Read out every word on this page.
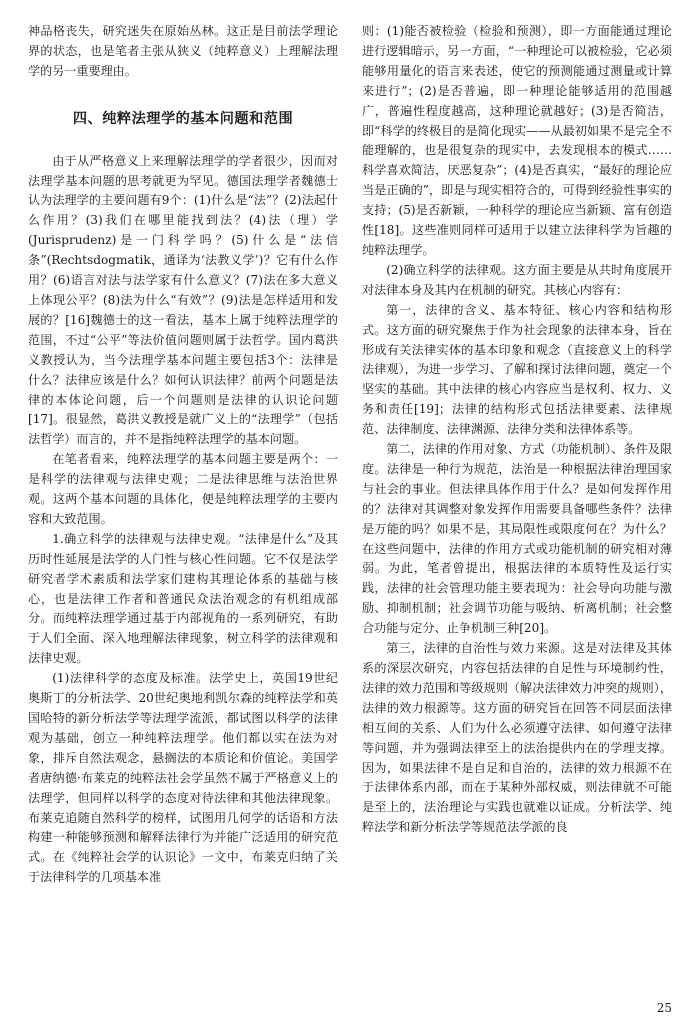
神品格丧失，研究迷失在原始丛林。这正是目前法学理论界的状态，也是笔者主张从狭义（纯粹意义）上理解法理学的另一重要理由。

四、纯粹法理学的基本问题和范围

由于从严格意义上来理解法理学的学者很少，因而对法理学基本问题的思考就更为罕见。德国法理学者魏德士认为法理学的主要问题有9个：(1)什么是“法”？(2)法起什么作用？(3)我们在哪里能找到法？(4)法（理）学(Jurisprudenz)是一门科学吗？(5)什么是“法信条”(Rechtsdogmatik，通译为‘法教义学’)？它有什么作用？(6)语言对法与法学家有什么意义？(7)法在多大意义上体现公平？(8)法为什么“有效”？(9)法是怎样适用和发展的？[16]魏德士的这一看法，基本上属于纯粹法理学的范围，不过“公平”等法价值问题则属于法哲学。国内葛洪义教授认为，当今法理学基本问题主要包括3个：法律是什么？法律应该是什么？如何认识法律？前两个问题是法律的本体论问题，后一个问题则是法律的认识论问题[17]。很显然，葛洪义教授是就广义上的“法理学”（包括法哲学）而言的，并不是指纯粹法理学的基本问题。

在笔者看来，纯粹法理学的基本问题主要是两个：一是科学的法律观与法律史观；二是法律思维与法治世界观。这两个基本问题的具体化，便是纯粹法理学的主要内容和大致范围。

1.确立科学的法律观与法律史观。“法律是什么”及其历时性延展是法学的人门性与核心性问题。它不仅是法学研究者学术素质和法学家们建构其理论体系的基础与核心，也是法律工作者和普通民众法治观念的有机组成部分。而纯粹法理学通过基于内部视角的一系列研究，有助于人们全面、深入地理解法律现象，树立科学的法律观和法律史观。

(1)法律科学的态度及标准。法学史上，英国19世纪奥斯丁的分析法学、20世纪奥地利凯尔森的纯粹法学和英国哈特的新分析法学等法理学流派，都试图以科学的法律观为基础，创立一种纯粹法理学。他们都以实在法为对象，排斥自然法观念，悬搁法的本质论和价值论。美国学者唐纳德·布莱克的纯粹法社会学虽然不属于严格意义上的法理学，但同样以科学的态度对待法律和其他法律现象。布莱克追随自然科学的榜样，试图用几何学的话语和方法构建一种能够预测和解释法律行为并能广泛适用的研究范式。在《纯粹社会学的认识论》一文中，布莱克归纳了关于法律科学的几项基本准

则：(1)能否被检验（检验和预测），即一方面能通过理论进行逻辑暗示，另一方面，“一种理论可以被检验，它必须能够用量化的语言来表述，使它的预测能通过测量或计算来进行”；(2)是否普遍，即一种理论能够适用的范围越广，普遍性程度越高，这种理论就越好；(3)是否简洁，即“科学的终极目的是简化现实——从最初如果不是完全不能理解的，也是很复杂的现实中，去发现根本的模式……科学喜欢简洁，厌恶复杂”；(4)是否真实，“最好的理论应当是正确的”，即是与现实相符合的，可得到经验性事实的支持；(5)是否新颖，一种科学的理论应当新颖、富有创造性[18]。这些准则同样可适用于以建立法律科学为旨趣的纯粹法理学。

(2)确立科学的法律观。这方面主要是从共时角度展开对法律本身及其内在机制的研究。其核心内容有：

第一，法律的含义、基本特征、核心内容和结构形式。这方面的研究聚焦于作为社会现象的法律本身，旨在形成有关法律实体的基本印象和观念（直接意义上的科学法律观），为进一步学习、了解和探讨法律问题，奠定一个坚实的基础。其中法律的核心内容应当是权利、权力、义务和责任[19]；法律的结构形式包括法律要素、法律规范、法律制度、法律渊源、法律分类和法律体系等。

第二，法律的作用对象、方式（功能机制）、条件及限度。法律是一种行为规范，法治是一种根据法律治理国家与社会的事业。但法律具体作用于什么？是如何发挥作用的？法律对其调整对象发挥作用需要具备哪些条件？法律是万能的吗？如果不是，其局限性或限度何在？为什么？在这些问题中，法律的作用方式或功能机制的研究相对薄弱。为此，笔者曾提出，根据法律的本质特性及运行实践，法律的社会管理功能主要表现为：社会导向功能与激励、抑制机制；社会调节功能与吸纳、析离机制；社会整合功能与定分、止争机制三种[20]。

第三，法律的自治性与效力来源。这是对法律及其体系的深层次研究，内容包括法律的自足性与环境制约性，法律的效力范围和等级规则（解决法律效力冲突的规则），法律的效力根源等。这方面的研究旨在回答不同层面法律相互间的关系、人们为什么必须遵守法律、如何遵守法律等问题，并为强调法律至上的法治提供内在的学理支撑。因为，如果法律不是自足和自治的，法律的效力根源不在于法律体系内部，而在于某种外部权威，则法律就不可能是至上的，法治理论与实践也就难以证成。分析法学、纯粹法学和新分析法学等规范法学派的良

25
